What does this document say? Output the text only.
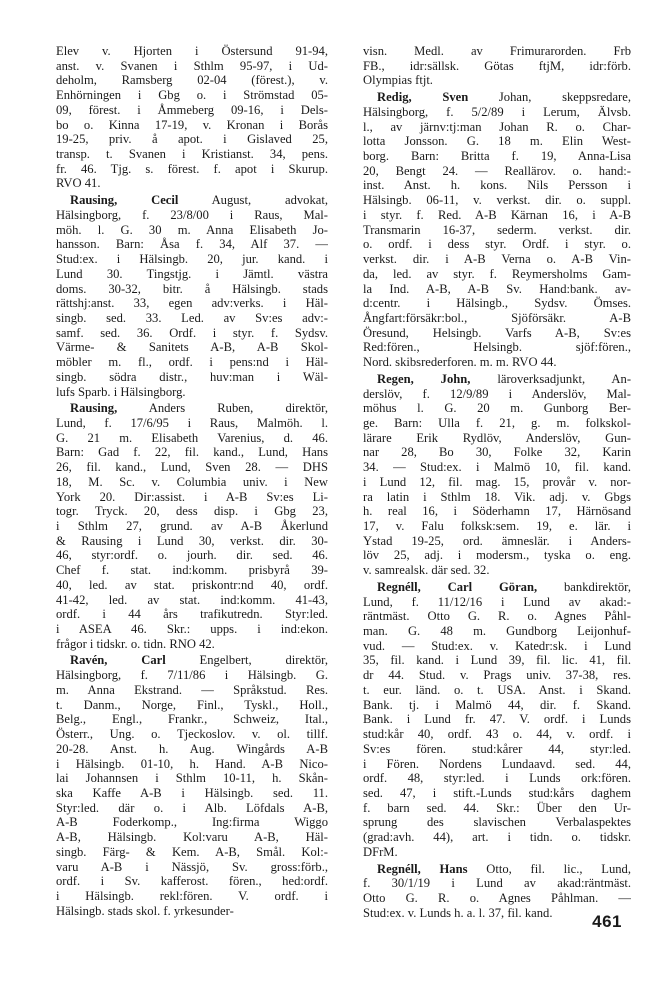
Elev v. Hjorten i Östersund 91-94,
anst. v. Svanen i Sthlm 95-97, i Ud-
deholm, Ramsberg 02-04 (förest.), v.
Enhörningen i Gbg o. i Strömstad 05-
09, förest. i Åmmeberg 09-16, i Dels-
bo o. Kinna 17-19, v. Kronan i Borås
19-25, priv. å apot. i Gislaved 25,
transp. t. Svanen i Kristianst. 34, pens.
fr. 46. Tjg. s. förest. f. apot i Skurup.
RVO 41.
Rausing, Cecil August, advokat,
Hälsingborg, f. 23/8/00 i Raus, Mal-
möh. l. G. 30 m. Anna Elisabeth Jo-
hansson. Barn: Åsa f. 34, Alf 37. —
Stud:ex. i Hälsingb. 20, jur. kand. i
Lund 30. Tingstjg. i Jämtl. västra
doms. 30-32, bitr. å Hälsingb. stads
rättshj:anst. 33, egen adv:verks. i Häl-
singb. sed. 33. Led. av Sv:es adv:-
samf. sed. 36. Ordf. i styr. f. Sydsv.
Värme- & Sanitets A-B, A-B Skol-
möbler m. fl., ordf. i pens:nd i Häl-
singb. södra distr., huv:man i Wäl-
lufs Sparb. i Hälsingborg.
Rausing, Anders Ruben, direktör,
Lund, f. 17/6/95 i Raus, Malmöh. l.
G. 21 m. Elisabeth Varenius, d. 46.
Barn: Gad f. 22, fil. kand., Lund, Hans
26, fil. kand., Lund, Sven 28. — DHS
18, M. Sc. v. Columbia univ. i New
York 20. Dir:assist. i A-B Sv:es Li-
togr. Tryck. 20, dess disp. i Gbg 23,
i Sthlm 27, grund. av A-B Åkerlund
& Rausing i Lund 30, verkst. dir. 30-
46, styr:ordf. o. jourh. dir. sed. 46.
Chef f. stat. ind:komm. prisbyrå 39-
40, led. av stat. priskontr:nd 40, ordf.
41-42, led. av stat. ind:komm. 41-43,
ordf. i 44 års trafikutredn. Styr:led.
i ASEA 46. Skr.: upps. i ind:ekon.
frågor i tidskr. o. tidn. RNO 42.
Ravén, Carl Engelbert, direktör,
Hälsingborg, f. 7/11/86 i Hälsingb. G.
m. Anna Ekstrand. — Språkstud. Res.
t. Danm., Norge, Finl., Tyskl., Holl.,
Belg., Engl., Frankr., Schweiz, Ital.,
Österr., Ung. o. Tjeckoslov. v. ol. tillf.
20-28. Anst. h. Aug. Wingårds A-B
i Hälsingb. 01-10, h. Hand. A-B Nico-
lai Johannsen i Sthlm 10-11, h. Skån-
ska Kaffe A-B i Hälsingb. sed. 11.
Styr:led. där o. i Alb. Löfdals A-B,
A-B Foderkomp., Ing:firma Wiggo
A-B, Hälsingb. Kol:varu A-B, Häl-
singb. Färg- & Kem. A-B, Smål. Kol:-
varu A-B i Nässjö, Sv. gross:förb.,
ordf. i Sv. kafferost. fören., hed:ordf.
i Hälsingb. rekl:fören. V. ordf. i
Hälsingb. stads skol. f. yrkesunder-
visn. Medl. av Frimurarorden. Frb
FB., idr:sällsk. Götas ftjM, idr:förb.
Olympias ftjt.
Redig, Sven Johan, skeppsredare,
Hälsingborg, f. 5/2/89 i Lerum, Älvsb.
l., av järnv:tj:man Johan R. o. Char-
lotta Jonsson. G. 18 m. Elin West-
borg. Barn: Britta f. 19, Anna-Lisa
20, Bengt 24. — Reallärov. o. hand:-
inst. Anst. h. kons. Nils Persson i
Hälsingb. 06-11, v. verkst. dir. o. suppl.
i styr. f. Red. A-B Kärnan 16, i A-B
Transmarin 16-37, sederm. verkst. dir.
o. ordf. i dess styr. Ordf. i styr. o.
verkst. dir. i A-B Verna o. A-B Vin-
da, led. av styr. f. Reymersholms Gam-
la Ind. A-B, A-B Sv. Hand:bank. av-
d:centr. i Hälsingb., Sydsv. Ömses.
Ångfart:försäkr:bol., Sjöförsäkr. A-B
Öresund, Helsingb. Varfs A-B, Sv:es
Red:fören., Helsingb. sjöf:fören.,
Nord. skibsrederforen. m. m. RVO 44.
Regen, John, läroverksadjunkt, An-
derslöv, f. 12/9/89 i Anderslöv, Mal-
möhus l. G. 20 m. Gunborg Ber-
ge. Barn: Ulla f. 21, g. m. folkskol-
lärare Erik Rydlöv, Anderslöv, Gun-
nar 28, Bo 30, Folke 32, Karin
34. — Stud:ex. i Malmö 10, fil. kand.
i Lund 12, fil. mag. 15, provår v. nor-
ra latin i Sthlm 18. Vik. adj. v. Gbgs
h. real 16, i Söderhamn 17, Härnösand
17, v. Falu folksk:sem. 19, e. lär. i
Ystad 19-25, ord. ämneslär. i Anders-
löv 25, adj. i modersm., tyska o. eng.
v. samrealsk. där sed. 32.
Regnéll, Carl Göran, bankdirektör,
Lund, f. 11/12/16 i Lund av akad:-
räntmäst. Otto G. R. o. Agnes Påhl-
man. G. 48 m. Gundborg Leijonhuf-
vud. — Stud:ex. v. Katedr:sk. i Lund
35, fil. kand. i Lund 39, fil. lic. 41, fil.
dr 44. Stud. v. Prags univ. 37-38, res.
t. eur. länd. o. t. USA. Anst. i Skand.
Bank. tj. i Malmö 44, dir. f. Skand.
Bank. i Lund fr. 47. V. ordf. i Lunds
stud:kår 40, ordf. 43 o. 44, v. ordf. i
Sv:es fören. stud:kårer 44, styr:led.
i Fören. Nordens Lundaavd. sed. 44,
ordf. 48, styr:led. i Lunds ork:fören.
sed. 47, i stift.-Lunds stud:kårs daghem
f. barn sed. 44. Skr.: Über den Ur-
sprung des slavischen Verbalaspektes
(grad:avh. 44), art. i tidn. o. tidskr.
DFrM.
Regnéll, Hans Otto, fil. lic., Lund,
f. 30/1/19 i Lund av akad:räntmäst.
Otto G. R. o. Agnes Påhlman. —
Stud:ex. v. Lunds h. a. l. 37, fil. kand.	461
